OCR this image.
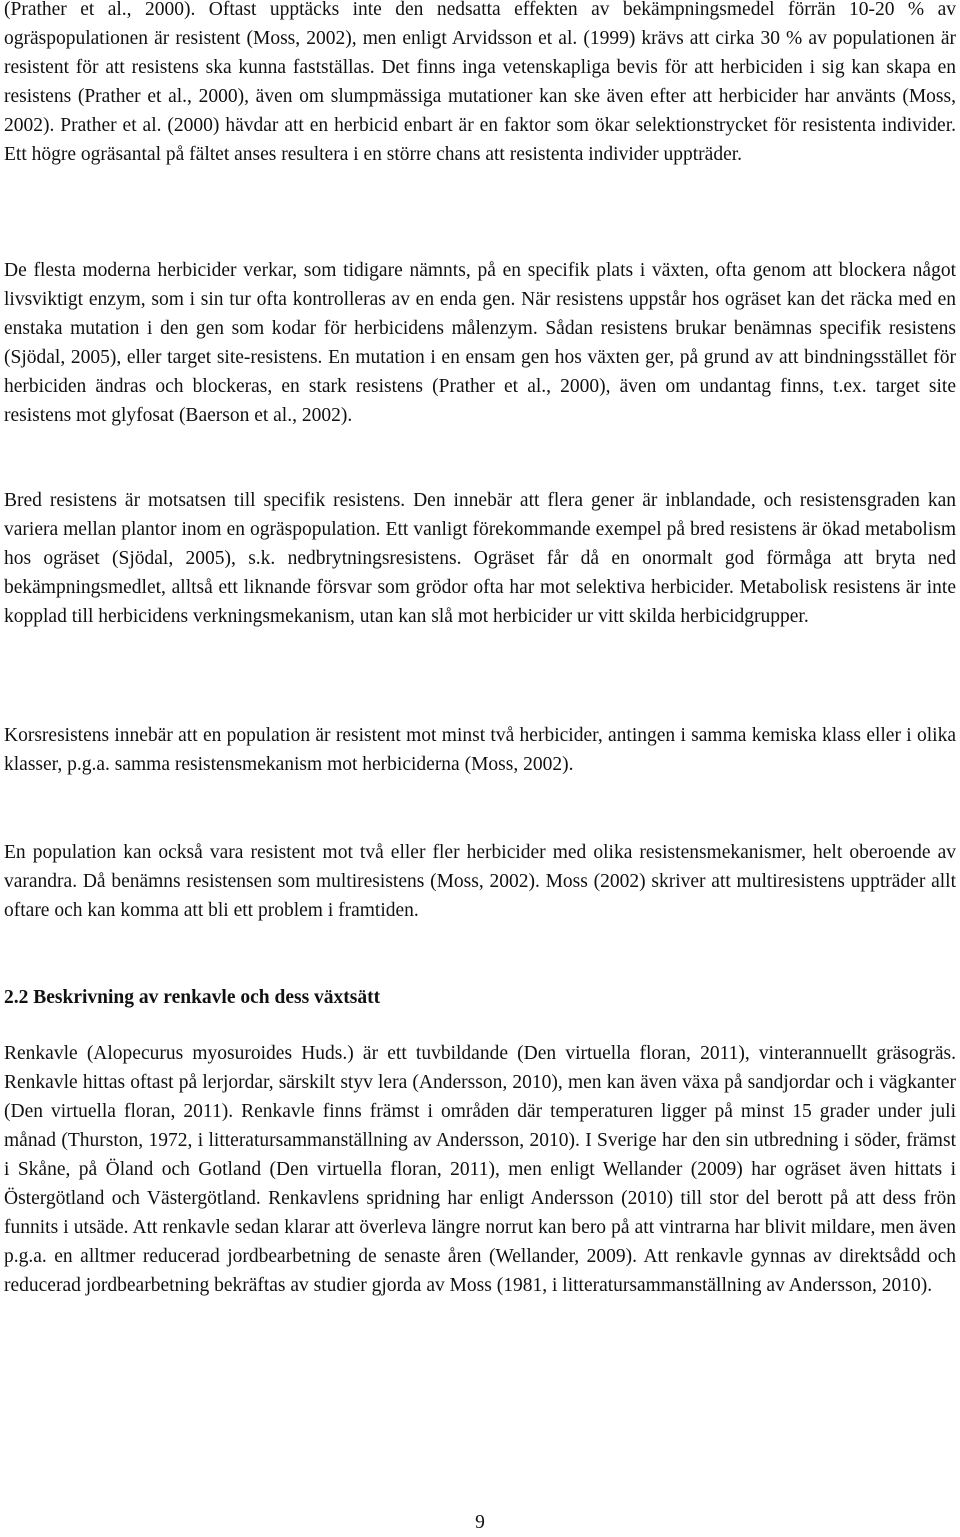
(Prather et al., 2000). Oftast upptäcks inte den nedsatta effekten av bekämpningsmedel förrän 10-20 % av ogräspopulationen är resistent (Moss, 2002), men enligt Arvidsson et al. (1999) krävs att cirka 30 % av populationen är resistent för att resistens ska kunna fastställas. Det finns inga vetenskapliga bevis för att herbiciden i sig kan skapa en resistens (Prather et al., 2000), även om slumpmässiga mutationer kan ske även efter att herbicider har använts (Moss, 2002). Prather et al. (2000) hävdar att en herbicid enbart är en faktor som ökar selektionstrycket för resistenta individer. Ett högre ogräsantal på fältet anses resultera i en större chans att resistenta individer uppträder.

De flesta moderna herbicider verkar, som tidigare nämnts, på en specifik plats i växten, ofta genom att blockera något livsviktigt enzym, som i sin tur ofta kontrolleras av en enda gen. När resistens uppstår hos ogräset kan det räcka med en enstaka mutation i den gen som kodar för herbicidens målenzym. Sådan resistens brukar benämnas specifik resistens (Sjödal, 2005), eller target site-resistens. En mutation i en ensam gen hos växten ger, på grund av att bindningsstället för herbiciden ändras och blockeras, en stark resistens (Prather et al., 2000), även om undantag finns, t.ex. target site resistens mot glyfosat (Baerson et al., 2002).

Bred resistens är motsatsen till specifik resistens. Den innebär att flera gener är inblandade, och resistensgraden kan variera mellan plantor inom en ogräspopulation. Ett vanligt förekommande exempel på bred resistens är ökad metabolism hos ogräset (Sjödal, 2005), s.k. nedbrytningsresistens. Ogräset får då en onormalt god förmåga att bryta ned bekämpningsmedlet, alltså ett liknande försvar som grödor ofta har mot selektiva herbicider. Metabolisk resistens är inte kopplad till herbicidens verkningsmekanism, utan kan slå mot herbicider ur vitt skilda herbicidgrupper.

Korsresistens innebär att en population är resistent mot minst två herbicider, antingen i samma kemiska klass eller i olika klasser, p.g.a. samma resistensmekanism mot herbiciderna (Moss, 2002).

En population kan också vara resistent mot två eller fler herbicider med olika resistensmekanismer, helt oberoende av varandra. Då benämns resistensen som multiresistens (Moss, 2002). Moss (2002) skriver att multiresistens uppträder allt oftare och kan komma att bli ett problem i framtiden.

2.2 Beskrivning av renkavle och dess växtsätt

Renkavle (Alopecurus myosuroides Huds.) är ett tuvbildande (Den virtuella floran, 2011), vinterannuellt gräsogräs. Renkavle hittas oftast på lerjordar, särskilt styv lera (Andersson, 2010), men kan även växa på sandjordar och i vägkanter (Den virtuella floran, 2011). Renkavle finns främst i områden där temperaturen ligger på minst 15 grader under juli månad (Thurston, 1972, i litteratursammanställning av Andersson, 2010). I Sverige har den sin utbredning i söder, främst i Skåne, på Öland och Gotland (Den virtuella floran, 2011), men enligt Wellander (2009) har ogräset även hittats i Östergötland och Västergötland. Renkavlens spridning har enligt Andersson (2010) till stor del berott på att dess frön funnits i utsäde. Att renkavle sedan klarar att överleva längre norrut kan bero på att vintrarna har blivit mildare, men även p.g.a. en alltmer reducerad jordbearbetning de senaste åren (Wellander, 2009). Att renkavle gynnas av direktsådd och reducerad jordbearbetning bekräftas av studier gjorda av Moss (1981, i litteratursammanställning av Andersson, 2010).

9
